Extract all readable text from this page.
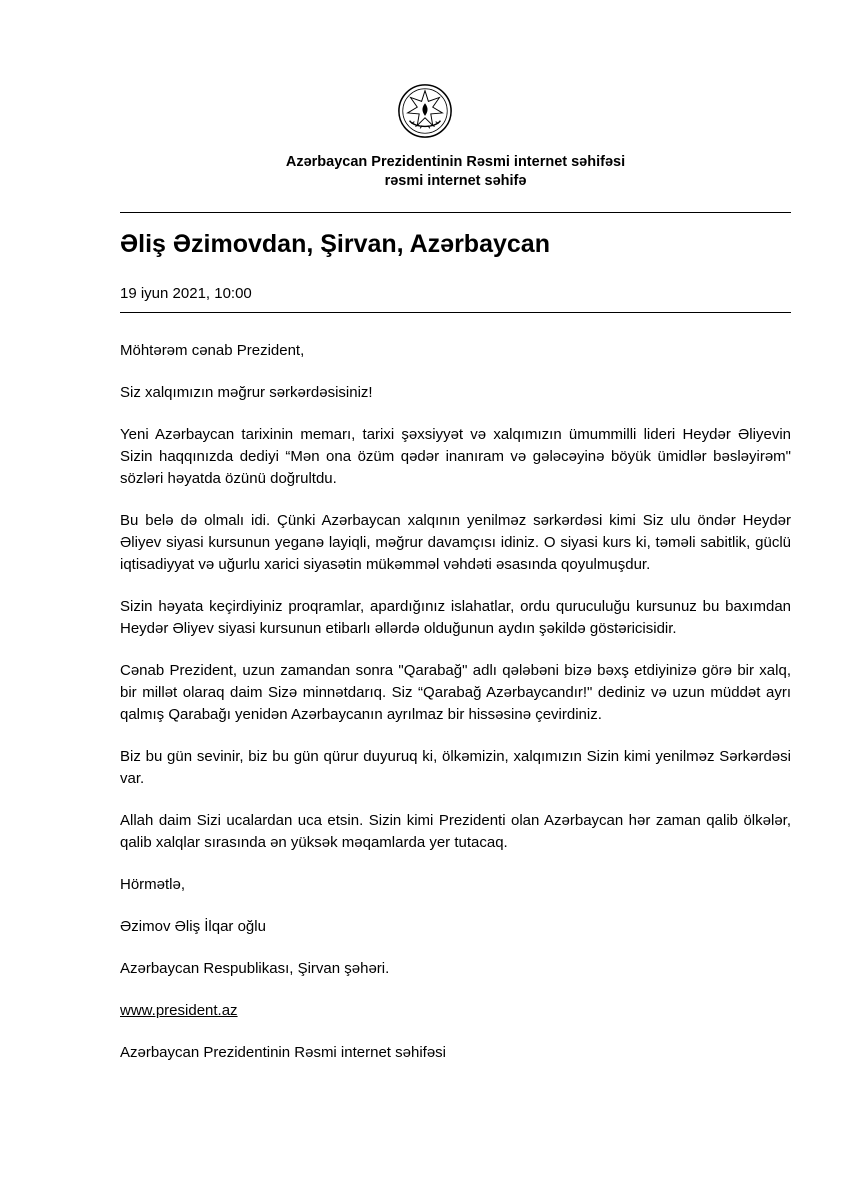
Azərbaycan Prezidentinin Rəsmi internet səhifəsi
rəsmi internet səhifə
Əliş Əzimovdan, Şirvan, Azərbaycan
19 iyun 2021, 10:00

Möhtərəm cənab Prezident,

Siz xalqımızın məğrur sərkərdəsisiniz!

Yeni Azərbaycan tarixinin memarı, tarixi şəxsiyyət və xalqımızın ümummilli lideri Heydər Əliyevin Sizin haqqınızda dediyi “Mən ona özüm qədər inanıram və gələcəyinə böyük ümidlər bəsləyirəm" sözləri həyatda özünü doğrultdu.

Bu belə də olmalı idi. Çünki Azərbaycan xalqının yenilməz sərkərdəsi kimi Siz ulu öndər Heydər Əliyev siyasi kursunun yeganə layiqli, məğrur davamçısı idiniz. O siyasi kurs ki, təməli sabitlik, güclü iqtisadiyyat və uğurlu xarici siyasətin mükəmməl vəhdəti əsasında qoyulmuşdur.

Sizin həyata keçirdiyiniz proqramlar, apardığınız islahatlar, ordu quruculuğu kursunuz bu baxımdan Heydər Əliyev siyasi kursunun etibarlı əllərdə olduğunun aydın şəkildə göstəricisidir.

Cənab Prezident, uzun zamandan sonra "Qarabağ" adlı qələbəni bizə bəxş etdiyinizə görə bir xalq, bir millət olaraq daim Sizə minnətdarıq. Siz “Qarabağ Azərbaycandır!" dediniz və uzun müddət ayrı qalmış Qarabağı yenidən Azərbaycanın ayrılmaz bir hissəsinə çevirdiniz.

Biz bu gün sevinir, biz bu gün qürur duyuruq ki, ölkəmizin, xalqımızın Sizin kimi yenilməz Sərkərdəsi var.

Allah daim Sizi ucalardan uca etsin. Sizin kimi Prezidenti olan Azərbaycan hər zaman qalib ölkələr, qalib xalqlar sırasında ən yüksək məqamlarda yer tutacaq.

Hörmətlə,

Əzimov Əliş İlqar oğlu

Azərbaycan Respublikası, Şirvan şəhəri.

www.president.az

Azərbaycan Prezidentinin Rəsmi internet səhifəsi
